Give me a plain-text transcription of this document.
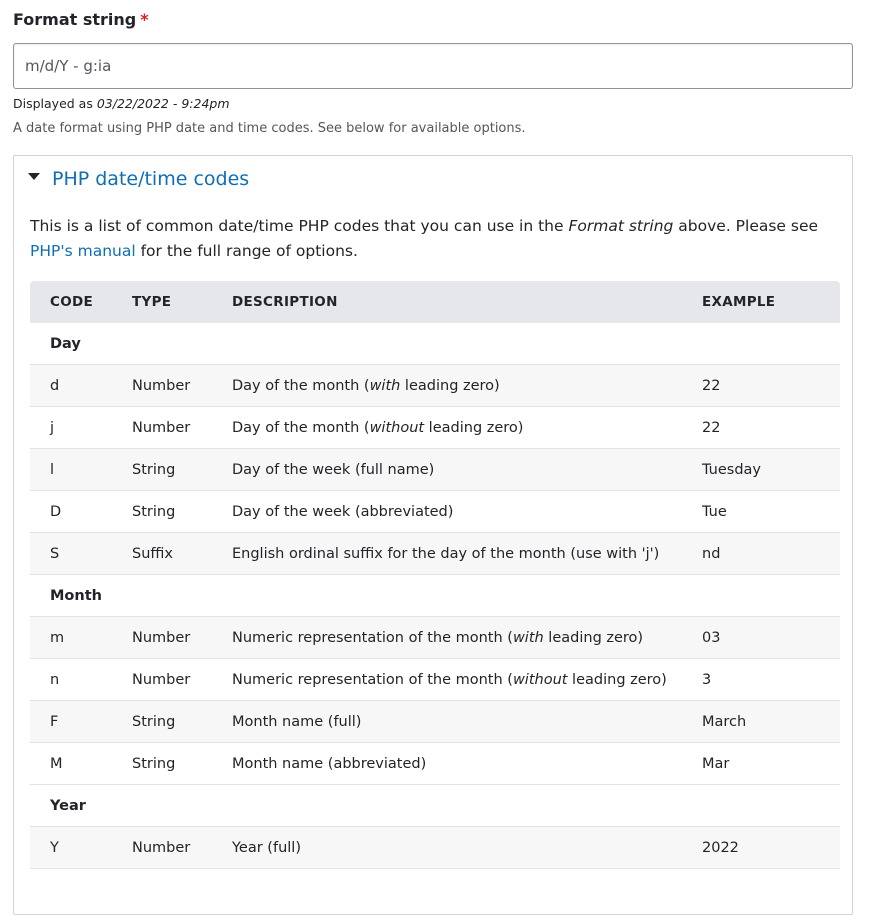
Format string *
m/d/Y - g:ia
Displayed as 03/22/2022 - 9:24pm
A date format using PHP date and time codes. See below for available options.
PHP date/time codes
This is a list of common date/time PHP codes that you can use in the Format string above. Please see PHP's manual for the full range of options.
CODE	TYPE	DESCRIPTION	EXAMPLE
Day
d	Number	Day of the month (with leading zero)	22
j	Number	Day of the month (without leading zero)	22
l	String	Day of the week (full name)	Tuesday
D	String	Day of the week (abbreviated)	Tue
S	Suffix	English ordinal suffix for the day of the month (use with 'j')	nd
Month
m	Number	Numeric representation of the month (with leading zero)	03
n	Number	Numeric representation of the month (without leading zero)	3
F	String	Month name (full)	March
M	String	Month name (abbreviated)	Mar
Year
Y	Number	Year (full)	2022
